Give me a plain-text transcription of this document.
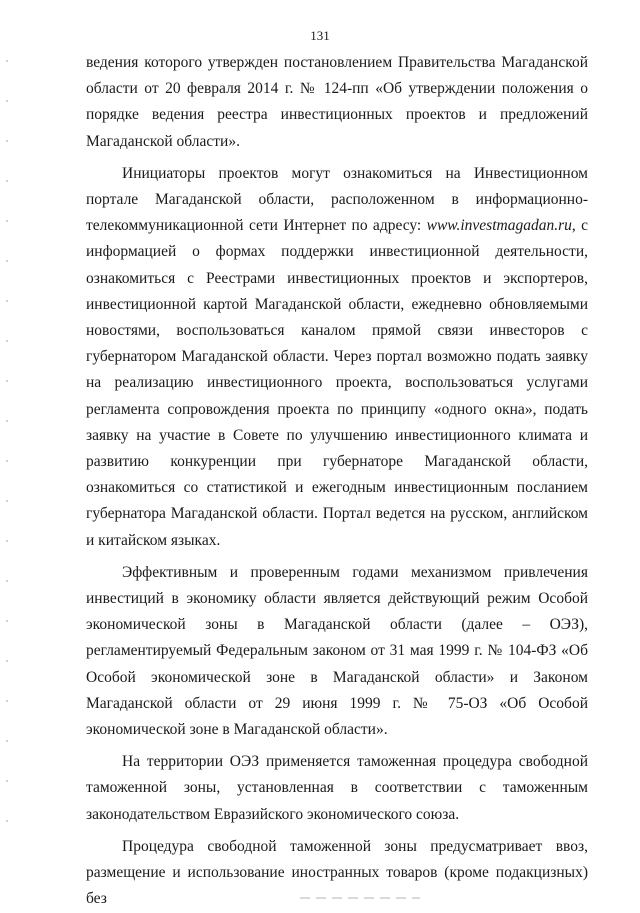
131

ведения которого утвержден постановлением Правительства Магаданской области от 20 февраля 2014 г. № 124-пп «Об утверждении положения о порядке ведения реестра инвестиционных проектов и предложений Магаданской области».

Инициаторы проектов могут ознакомиться на Инвестиционном портале Магаданской области, расположенном в информационно-телекоммуникационной сети Интернет по адресу: www.investmagadan.ru, с информацией о формах поддержки инвестиционной деятельности, ознакомиться с Реестрами инвестиционных проектов и экспортеров, инвестиционной картой Магаданской области, ежедневно обновляемыми новостями, воспользоваться каналом прямой связи инвесторов с губернатором Магаданской области. Через портал возможно подать заявку на реализацию инвестиционного проекта, воспользоваться услугами регламента сопровождения проекта по принципу «одного окна», подать заявку на участие в Совете по улучшению инвестиционного климата и развитию конкуренции при губернаторе Магаданской области, ознакомиться со статистикой и ежегодным инвестиционным посланием губернатора Магаданской области. Портал ведется на русском, английском и китайском языках.

Эффективным и проверенным годами механизмом привлечения инвестиций в экономику области является действующий режим Особой экономической зоны в Магаданской области (далее – ОЭЗ), регламентируемый Федеральным законом от 31 мая 1999 г. № 104-ФЗ «Об Особой экономической зоне в Магаданской области» и Законом Магаданской области от 29 июня 1999 г. № 75-ОЗ «Об Особой экономической зоне в Магаданской области».

На территории ОЭЗ применяется таможенная процедура свободной таможенной зоны, установленная в соответствии с таможенным законодательством Евразийского экономического союза.

Процедура свободной таможенной зоны предусматривает ввоз, размещение и использование иностранных товаров (кроме подакцизных) без
